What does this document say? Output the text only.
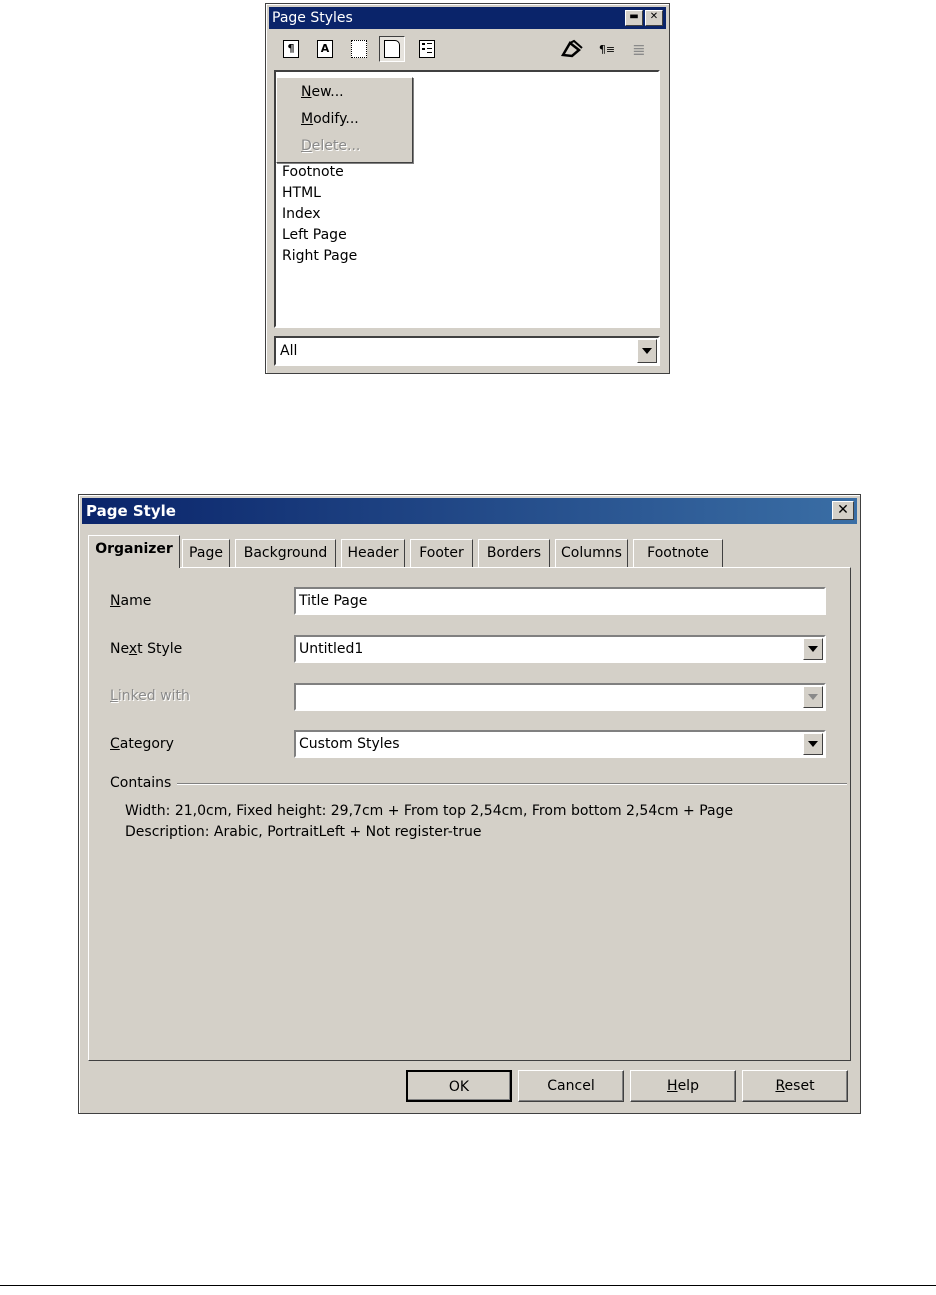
Page Styles	▬	✕
¶	A	¶≡ ≣
Footnote
HTML
Index
Left Page
Right Page
New...
Modify...
Delete...
All
Page Style	✕
Organizer	Page	Background	Header	Footer	Borders	Columns	Footnote
Name	Title Page
Next Style	Untitled1
Linked with
Category	Custom Styles
Contains
Width: 21,0cm, Fixed height: 29,7cm + From top 2,54cm, From bottom 2,54cm + Page
Description: Arabic, PortraitLeft + Not register-true
OK	Cancel	Help	Reset
